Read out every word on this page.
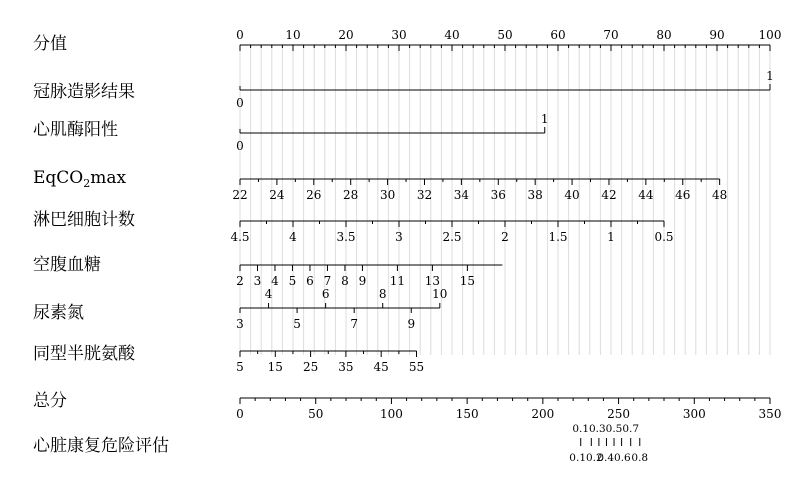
分值	0	10	20	30	40	50	60	70	80	90	100
冠脉造影结果
0
1
心肌酶阳性
0
1
EqCO$_2$max
22 24 26 28 30 32 34 36 38 40 42 44 46 48
淋巴细胞计数
4.5	4	3.5	3	2.5	2	1.5	1	0.5
空腹血糖
2 3 4 5 6 7 8 9 11 13 15
尿素氮
3	5	7	9
4	6	8	10
同型半胱氨酸
5 15 25 35 45 55
总分
0	50	100	150	200	250	300	350
心脏康复危险评估
0.1 0.30.50.7
0.10.2
0.40.6 0.8
